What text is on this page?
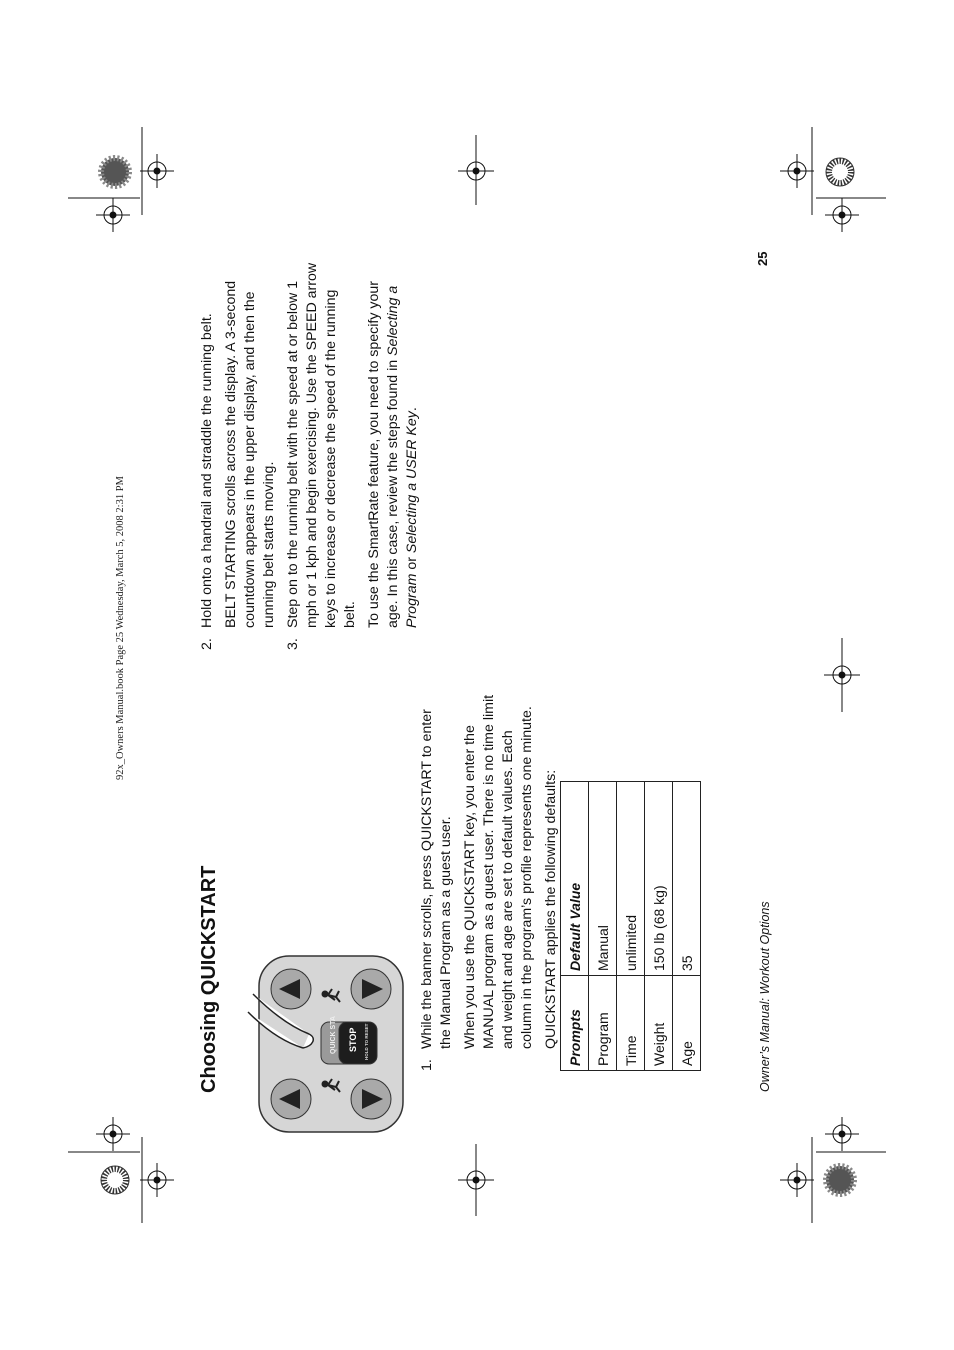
92x_Owners Manual.book Page 25 Wednesday, March 5, 2008 2:31 PM
Choosing QUICKSTART	QUICK STA STOP HOLD TO RESET

1.
While the banner scrolls, press QUICKSTART to enter the Manual Program as a guest user. When you use the QUICKSTART key, you enter the MANUAL program as a guest user. There is no time limit and weight and age are set to default values. Each column in the program’s profile represents one minute. QUICKSTART applies the following defaults: Prompts	Default Value
Program	Manual
Time	unlimited
Weight	150 lb (68 kg)
Age	35

2.
Hold onto a handrail and straddle the running belt. BELT STARTING scrolls across the display. A 3-second countdown appears in the upper display, and then the running belt starts moving.

3.
Step on to the running belt with the speed at or below 1 mph or 1 kph and begin exercising. Use the SPEED arrow keys to increase or decrease the speed of the running belt. To use the SmartRate feature, you need to specify your age. In this case, review the steps found in Selecting a Program or Selecting a USER Key.

Owner’s Manual: Workout Options
25
